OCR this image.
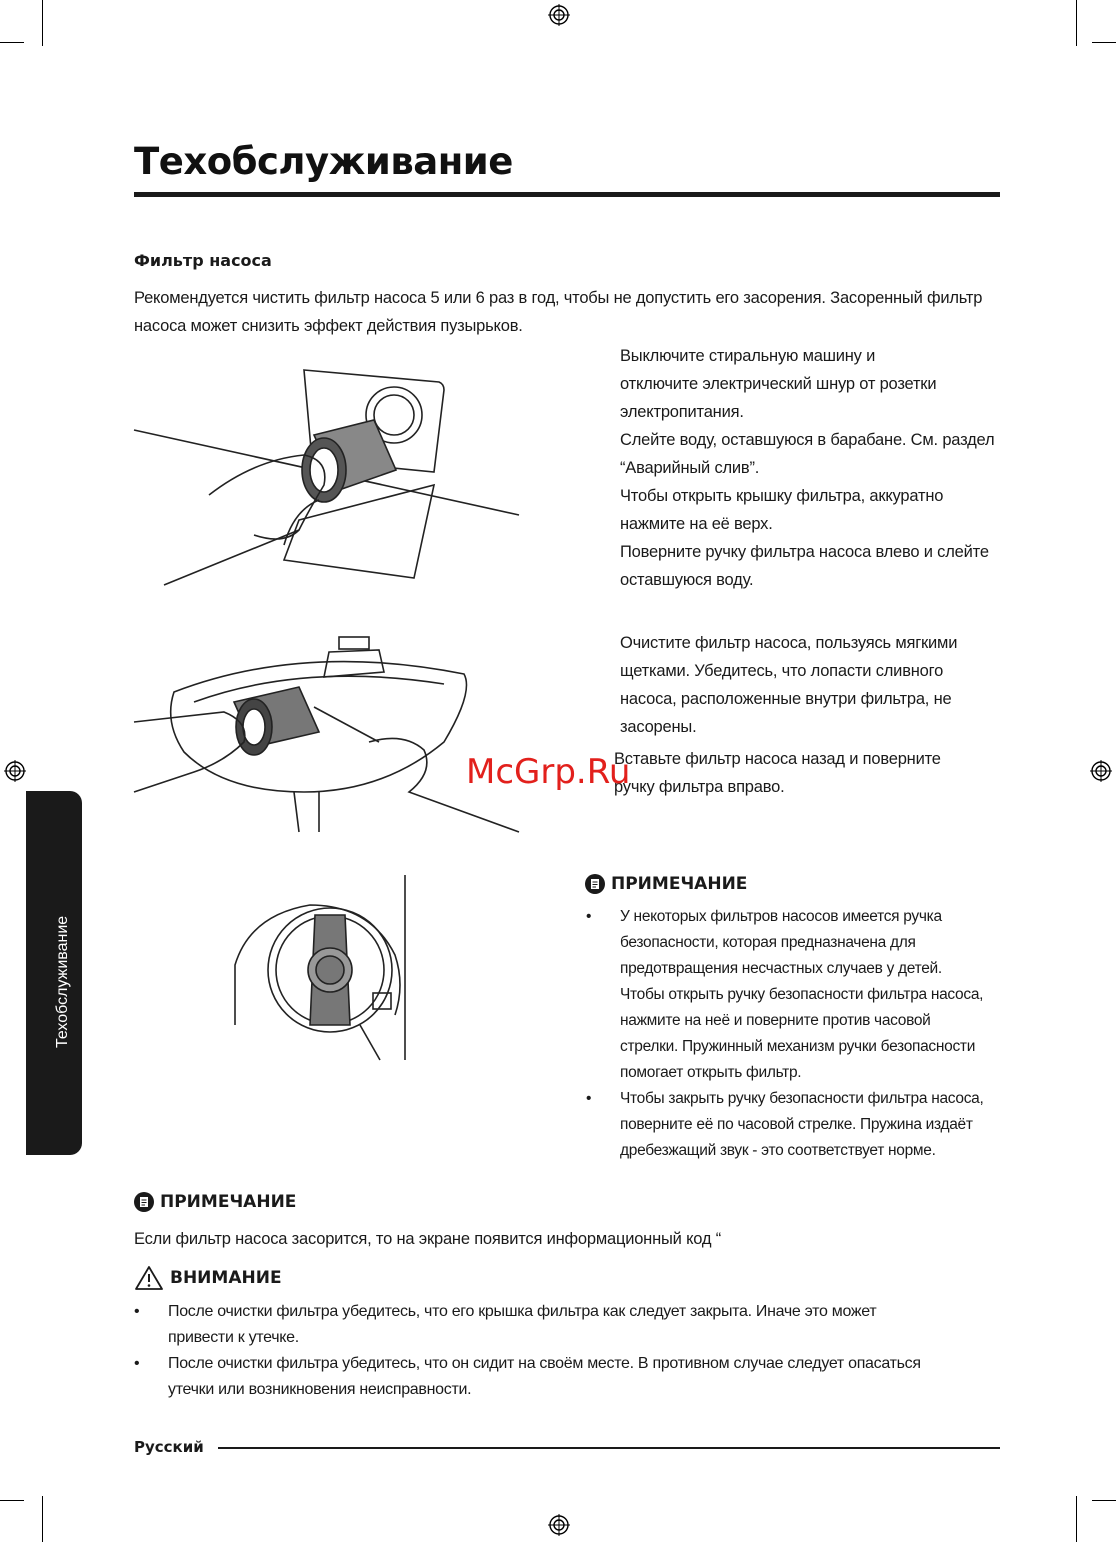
Техобслуживание
Фильтр насоса
Рекомендуется чистить фильтр насоса 5 или 6 раз в год, чтобы не допустить его засорения. Засоренный фильтр насоса может снизить эффект действия пузырьков.
Выключите стиральную машину и
отключите электрический шнур от розетки
электропитания.
Слейте воду, оставшуюся в барабане. См. раздел
“Аварийный слив”.
Чтобы открыть крышку фильтра, аккуратно
нажмите на её верх.
Поверните ручку фильтра насоса влево и слейте
оставшуюся воду.
Очистите фильтр насоса, пользуясь мягкими
щетками. Убедитесь, что лопасти сливного
насоса, расположенные внутри фильтра, не
засорены.
Вставьте фильтр насоса назад и поверните
ручку фильтра вправо.
ПРИМЕЧАНИЕ
• У некоторых фильтров насосов имеется ручка
безопасности, которая предназначена для
предотвращения несчастных случаев у детей.
Чтобы открыть ручку безопасности фильтра насоса,
нажмите на неё и поверните против часовой
стрелки. Пружинный механизм ручки безопасности
помогает открыть фильтр.
• Чтобы закрыть ручку безопасности фильтра насоса,
поверните её по часовой стрелке. Пружина издаёт
дребезжащий звук - это соответствует норме.
ПРИМЕЧАНИЕ
Если фильтр насоса засорится, то на экране появится информационный код “
ВНИМАНИЕ
• После очистки фильтра убедитесь, что его крышка фильтра как следует закрыта. Иначе это может
привести к утечке.
• После очистки фильтра убедитесь, что он сидит на своём месте. В противном случае следует опасаться
утечки или возникновения неисправности.
Техобслуживание
Русский
McGrp.Ru
